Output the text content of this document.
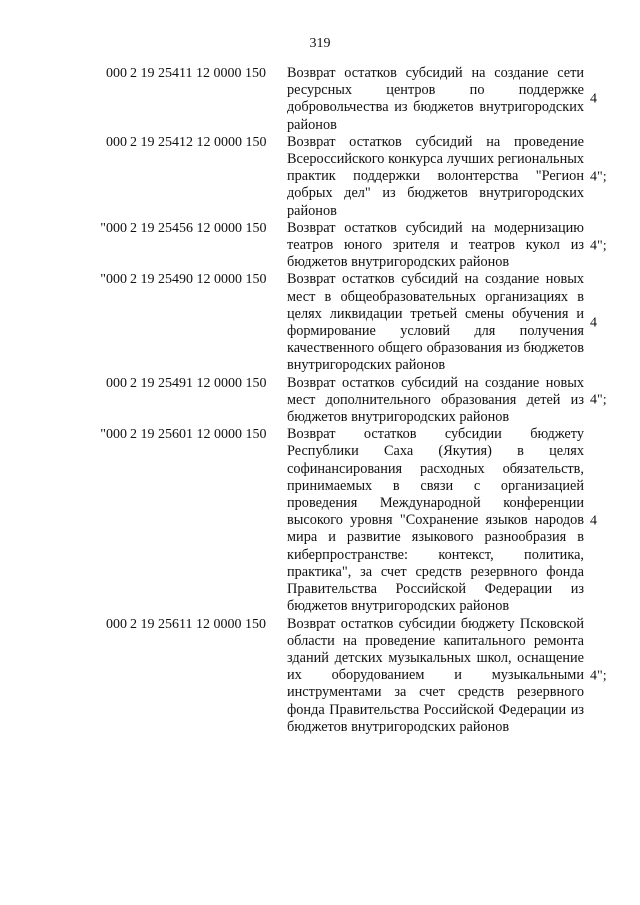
319
000 2 19 25411 12 0000 150 Возврат остатков субсидий на создание сети ресурсных центров по поддержке добровольчества из бюджетов внутригородских районов
4
000 2 19 25412 12 0000 150 Возврат остатков субсидий на проведение Всероссийского конкурса лучших региональных практик поддержки волонтерства "Регион добрых дел" из бюджетов внутригородских районов
4";
"000 2 19 25456 12 0000 150 Возврат остатков субсидий на модернизацию театров юного зрителя и театров кукол из бюджетов внутригородских районов
4";
"000 2 19 25490 12 0000 150 Возврат остатков субсидий на создание новых мест в общеобразовательных организациях в целях ликвидации третьей смены обучения и формирование условий для получения качественного общего образования из бюджетов внутригородских районов
4
000 2 19 25491 12 0000 150 Возврат остатков субсидий на создание новых мест дополнительного образования детей из бюджетов внутригородских районов
4";
"000 2 19 25601 12 0000 150 Возврат остатков субсидии бюджету Республики Саха (Якутия) в целях софинансирования расходных обязательств, принимаемых в связи с организацией проведения Международной конференции высокого уровня "Сохранение языков народов мира и развитие языкового разнообразия в киберпространстве: контекст, политика, практика", за счет средств резервного фонда Правительства Российской Федерации из бюджетов внутригородских районов
4
000 2 19 25611 12 0000 150 Возврат остатков субсидии бюджету Псковской области на проведение капитального ремонта зданий детских музыкальных школ, оснащение их оборудованием и музыкальными инструментами за счет средств резервного фонда Правительства Российской Федерации из бюджетов внутригородских районов
4";
